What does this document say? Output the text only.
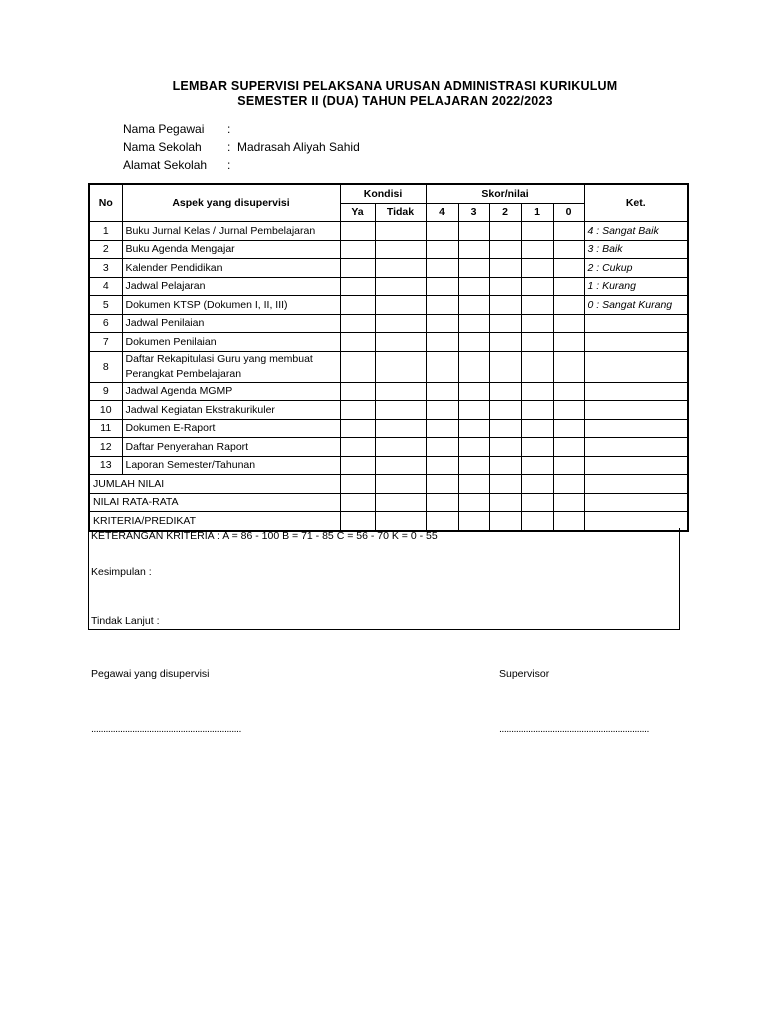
LEMBAR SUPERVISI PELAKSANA URUSAN ADMINISTRASI KURIKULUM
SEMESTER II (DUA) TAHUN PELAJARAN 2022/2023
Nama Pegawai :
Nama Sekolah : Madrasah Aliyah Sahid
Alamat Sekolah :
No	Aspek yang disupervisi	Kondisi		Skor/nilai					Ket.
		Ya	Tidak	4	3	2	1	0	
1	Buku Jurnal Kelas / Jurnal Pembelajaran								4 : Sangat Baik
2	Buku Agenda Mengajar								3 : Baik
3	Kalender Pendidikan								2 : Cukup
4	Jadwal Pelajaran								1 : Kurang
5	Dokumen KTSP (Dokumen I, II, III)								0 : Sangat Kurang
6	Jadwal Penilaian								
7	Dokumen Penilaian								
8	Daftar Rekapitulasi Guru yang membuat Perangkat Pembelajaran								
9	Jadwal Agenda MGMP								
10	Jadwal Kegiatan Ekstrakurikuler								
11	Dokumen E-Raport								
12	Daftar Penyerahan Raport								
13	Laporan Semester/Tahunan								
JUMLAH NILAI									
NILAI RATA-RATA									
KRITERIA/PREDIKAT									
KETERANGAN KRITERIA : A = 86 - 100 B = 71 - 85 C = 56 - 70 K = 0 - 55
Kesimpulan :
Tindak Lanjut :
Pegawai yang disupervisi	Supervisor
..............................................................	..............................................................
